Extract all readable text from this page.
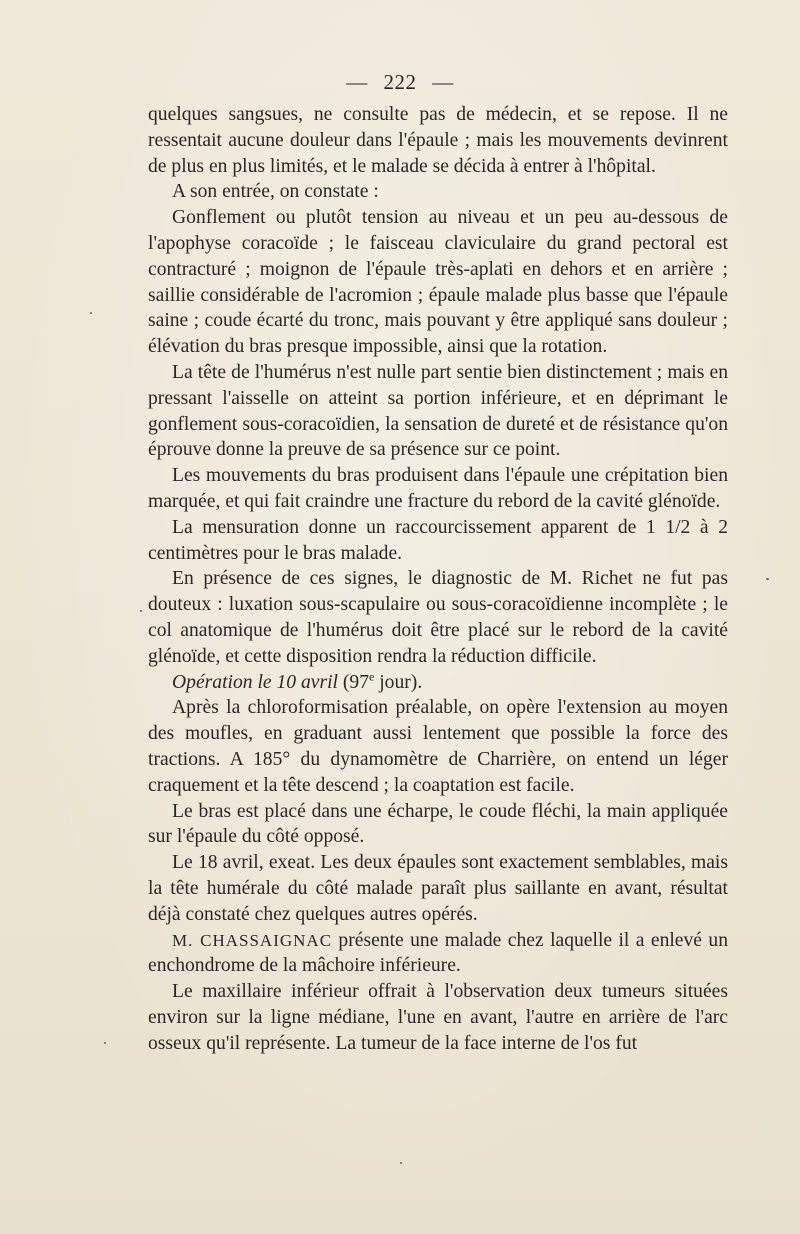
— 222 —

quelques sangsues, ne consulte pas de médecin, et se repose. Il ne ressentait aucune douleur dans l'épaule ; mais les mouvements devinrent de plus en plus limités, et le malade se décida à entrer à l'hôpital.

A son entrée, on constate :

Gonflement ou plutôt tension au niveau et un peu au-dessous de l'apophyse coracoïde ; le faisceau claviculaire du grand pectoral est contracturé ; moignon de l'épaule très-aplati en dehors et en arrière ; saillie considérable de l'acromion ; épaule malade plus basse que l'épaule saine ; coude écarté du tronc, mais pouvant y être appliqué sans douleur ; élévation du bras presque impossible, ainsi que la rotation.

La tête de l'humérus n'est nulle part sentie bien distinctement ; mais en pressant l'aisselle on atteint sa portion inférieure, et en déprimant le gonflement sous-coracoïdien, la sensation de dureté et de résistance qu'on éprouve donne la preuve de sa présence sur ce point.

Les mouvements du bras produisent dans l'épaule une crépitation bien marquée, et qui fait craindre une fracture du rebord de la cavité glénoïde.

La mensuration donne un raccourcissement apparent de 1 1/2 à 2 centimètres pour le bras malade.

En présence de ces signes, le diagnostic de M. Richet ne fut pas douteux : luxation sous-scapulaire ou sous-coracoïdienne incomplète ; le col anatomique de l'humérus doit être placé sur le rebord de la cavité glénoïde, et cette disposition rendra la réduction difficile.

Opération le 10 avril (97e jour).

Après la chloroformisation préalable, on opère l'extension au moyen des moufles, en graduant aussi lentement que possible la force des tractions. A 185° du dynamomètre de Charrière, on entend un léger craquement et la tête descend ; la coaptation est facile.

Le bras est placé dans une écharpe, le coude fléchi, la main appliquée sur l'épaule du côté opposé.

Le 18 avril, exeat. Les deux épaules sont exactement semblables, mais la tête humérale du côté malade paraît plus saillante en avant, résultat déjà constaté chez quelques autres opérés.

M. CHASSAIGNAC présente une malade chez laquelle il a enlevé un enchondrome de la mâchoire inférieure.

Le maxillaire inférieur offrait à l'observation deux tumeurs situées environ sur la ligne médiane, l'une en avant, l'autre en arrière de l'arc osseux qu'il représente. La tumeur de la face interne de l'os fut
